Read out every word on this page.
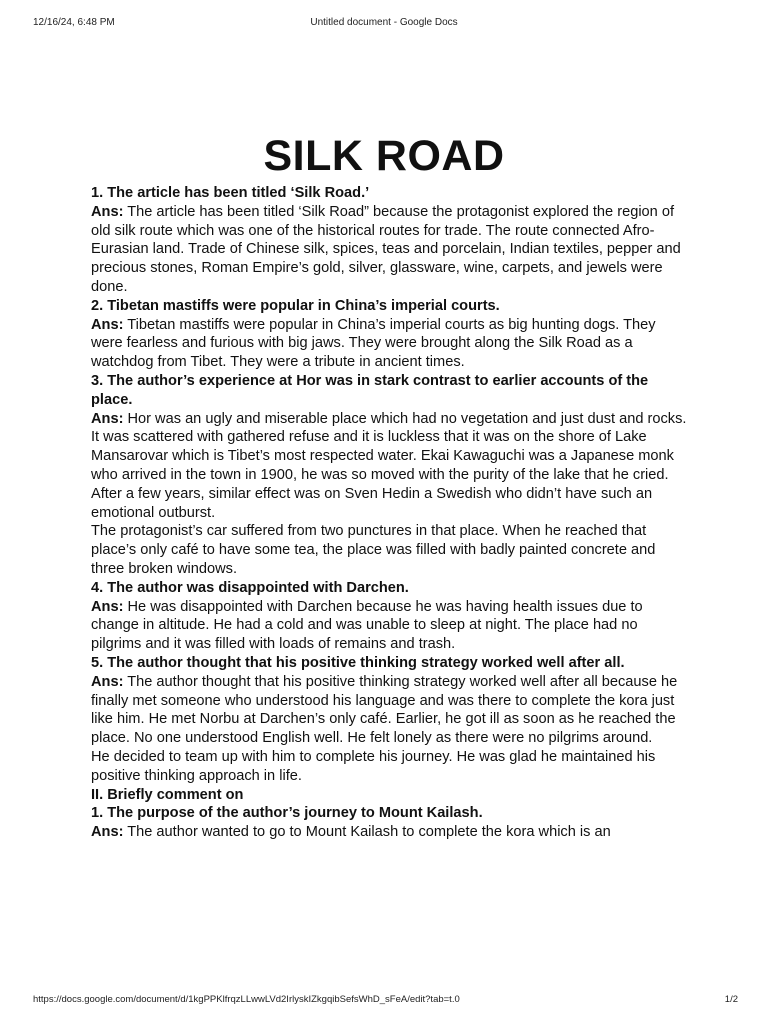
12/16/24, 6:48 PM	Untitled document - Google Docs
SILK ROAD

1. The article has been titled ‘Silk Road.’

Ans: The article has been titled ‘Silk Road” because the protagonist explored the region of old silk route which was one of the historical routes for trade. The route connected Afro-Eurasian land. Trade of Chinese silk, spices, teas and porcelain, Indian textiles, pepper and precious stones, Roman Empire’s gold, silver, glassware, wine, carpets, and jewels were done.

2. Tibetan mastiffs were popular in China’s imperial courts.

Ans: Tibetan mastiffs were popular in China’s imperial courts as big hunting dogs. They were fearless and furious with big jaws. They were brought along the Silk Road as a watchdog from Tibet. They were a tribute in ancient times.

3. The author’s experience at Hor was in stark contrast to earlier accounts of the place.

Ans: Hor was an ugly and miserable place which had no vegetation and just dust and rocks. It was scattered with gathered refuse and it is luckless that it was on the shore of Lake Mansarovar which is Tibet’s most respected water. Ekai Kawaguchi was a Japanese monk who arrived in the town in 1900, he was so moved with the purity of the lake that he cried. After a few years, similar effect was on Sven Hedin a Swedish who didn’t have such an emotional outburst.

The protagonist’s car suffered from two punctures in that place. When he reached that place’s only café to have some tea, the place was filled with badly painted concrete and three broken windows.

4. The author was disappointed with Darchen.

Ans: He was disappointed with Darchen because he was having health issues due to change in altitude. He had a cold and was unable to sleep at night. The place had no pilgrims and it was filled with loads of remains and trash.

5. The author thought that his positive thinking strategy worked well after all.

Ans: The author thought that his positive thinking strategy worked well after all because he finally met someone who understood his language and was there to complete the kora just like him. He met Norbu at Darchen’s only café. Earlier, he got ill as soon as he reached the place. No one understood English well. He felt lonely as there were no pilgrims around.

He decided to team up with him to complete his journey. He was glad he maintained his positive thinking approach in life.

II. Briefly comment on

1. The purpose of the author’s journey to Mount Kailash.

Ans: The author wanted to go to Mount Kailash to complete the kora which is an

https://docs.google.com/document/d/1kgPPKlfrqzLLwwLVd2IrlyskIZkgqibSefsWhD_sFeA/edit?tab=t.0	1/2
